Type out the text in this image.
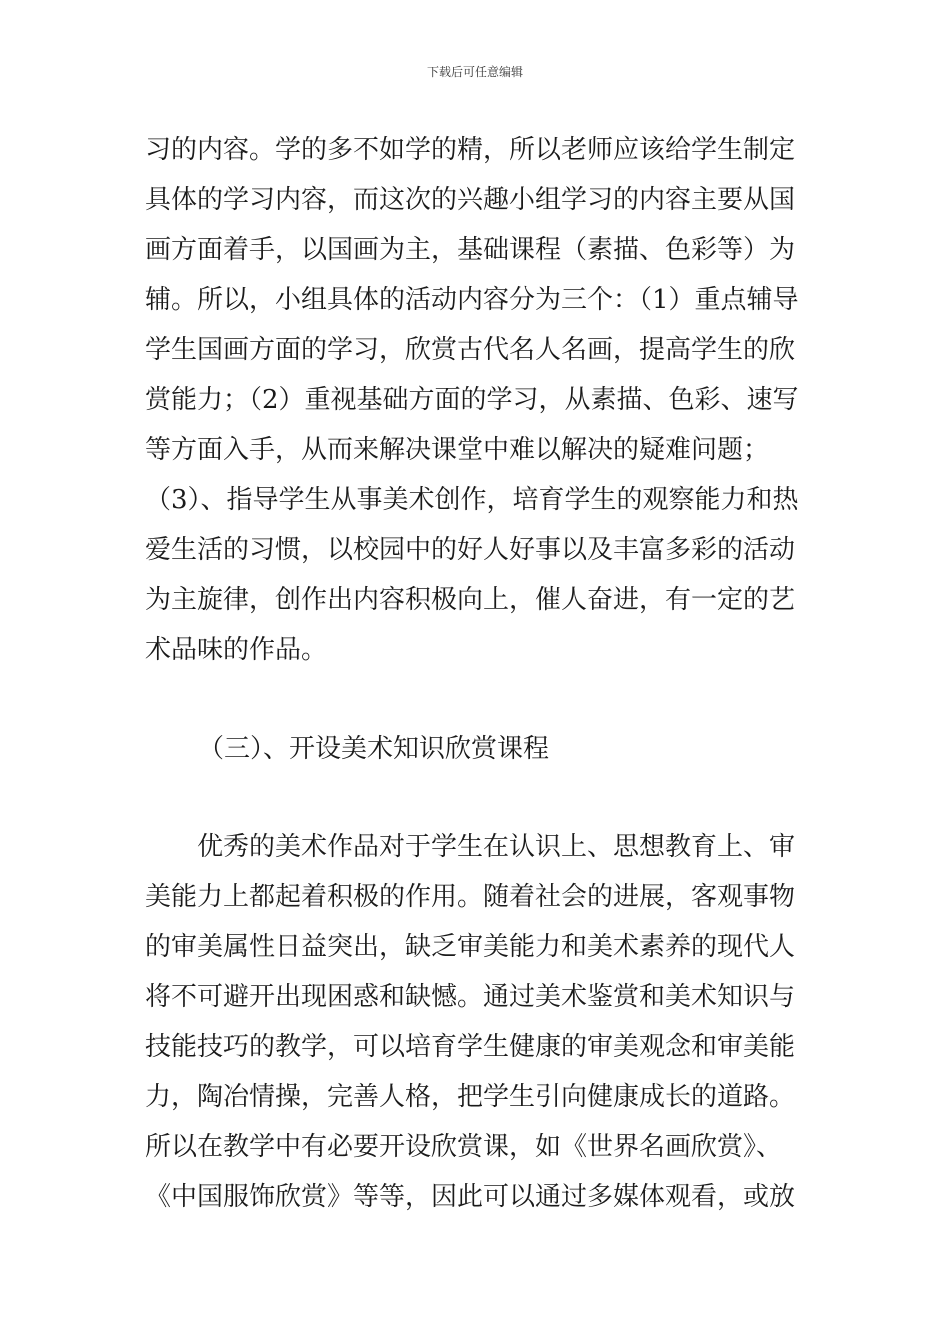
下载后可任意编辑
习的内容。学的多不如学的精，所以老师应该给学生制定
具体的学习内容，而这次的兴趣小组学习的内容主要从国
画方面着手，以国画为主，基础课程（素描、色彩等）为
辅。所以，小组具体的活动内容分为三个：（1）重点辅导
学生国画方面的学习，欣赏古代名人名画，提高学生的欣
赏能力；（2）重视基础方面的学习，从素描、色彩、速写
等方面入手，从而来解决课堂中难以解决的疑难问题；
（3）、指导学生从事美术创作，培育学生的观察能力和热
爱生活的习惯，以校园中的好人好事以及丰富多彩的活动
为主旋律，创作出内容积极向上，催人奋进，有一定的艺
术品味的作品。
（三）、开设美术知识欣赏课程
优秀的美术作品对于学生在认识上、思想教育上、审
美能力上都起着积极的作用。随着社会的进展，客观事物
的审美属性日益突出，缺乏审美能力和美术素养的现代人
将不可避开出现困惑和缺憾。通过美术鉴赏和美术知识与
技能技巧的教学，可以培育学生健康的审美观念和审美能
力，陶冶情操，完善人格，把学生引向健康成长的道路。
所以在教学中有必要开设欣赏课，如《世界名画欣赏》、
《中国服饰欣赏》等等，因此可以通过多媒体观看，或放
